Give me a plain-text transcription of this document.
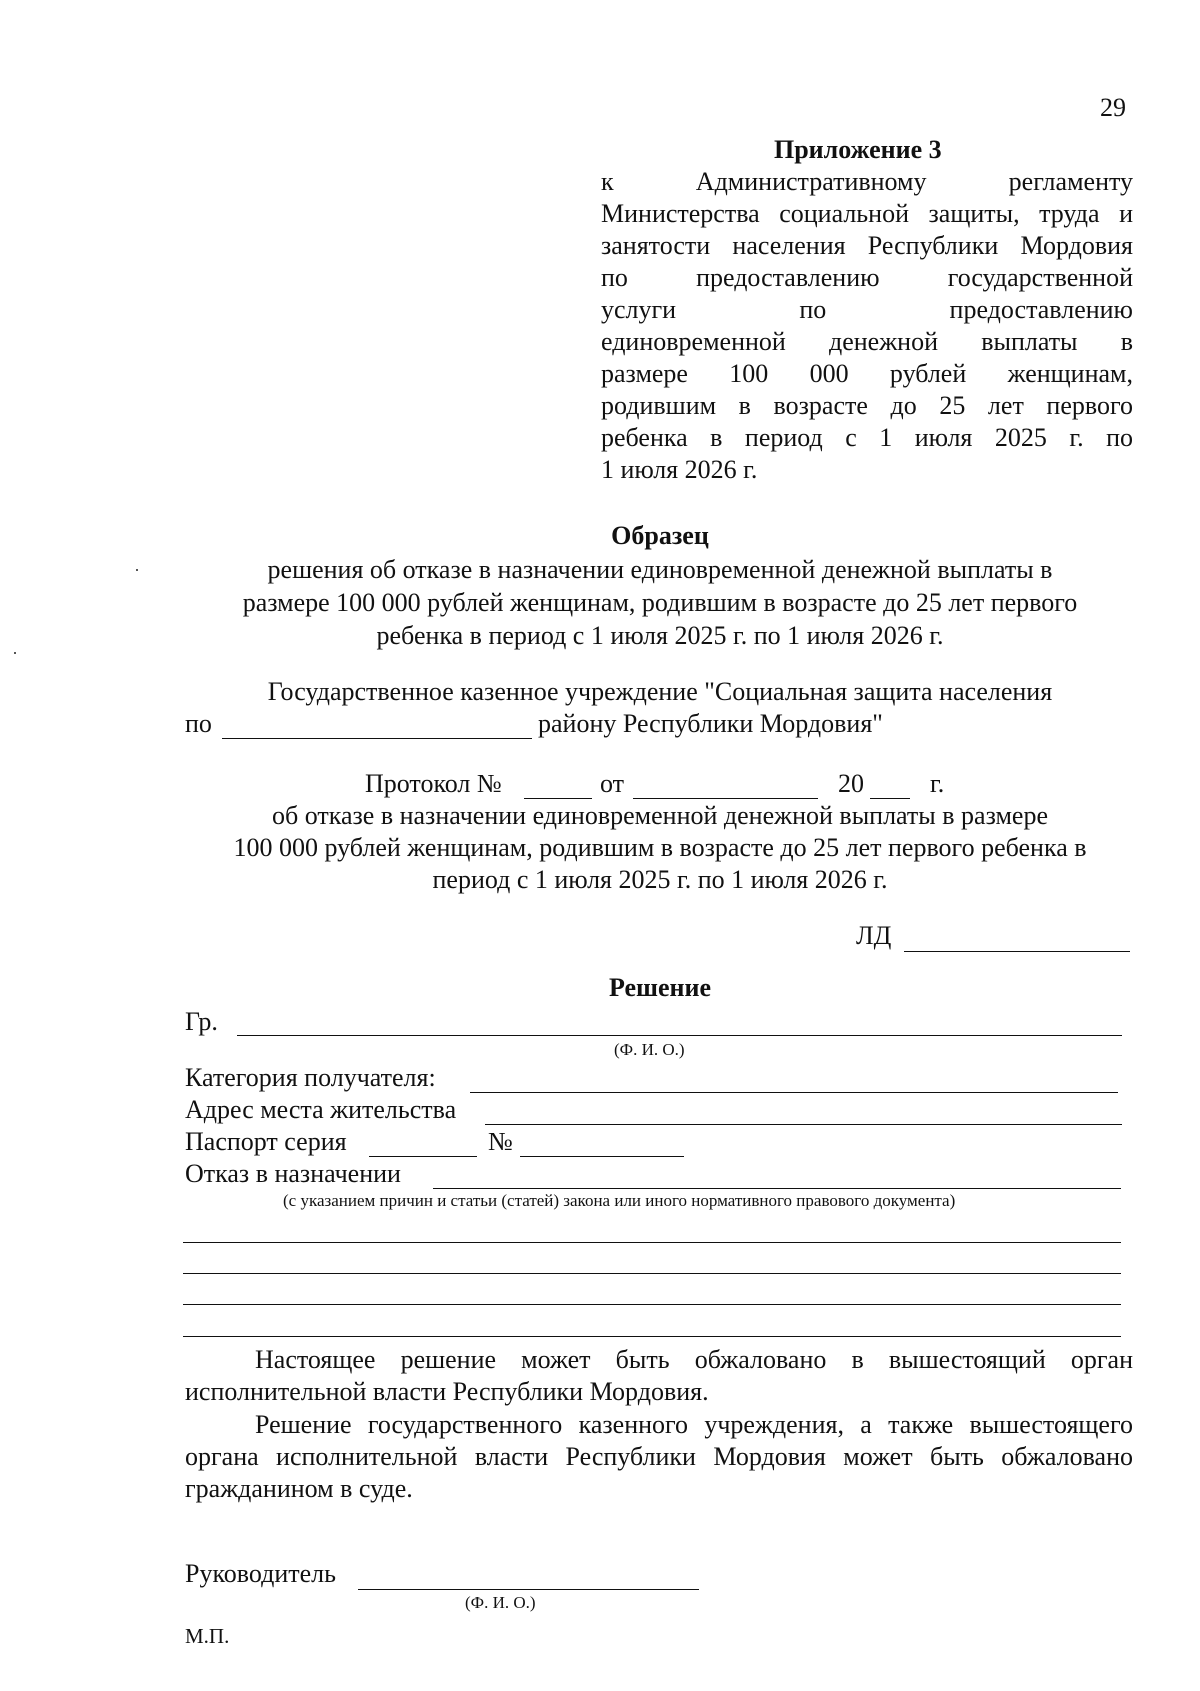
29
Приложение 3
к Административному регламенту
Министерства социальной защиты, труда и
занятости населения Республики Мордовия
по предоставлению государственной
услуги по предоставлению
единовременной денежной выплаты в
размере 100 000 рублей женщинам,
родившим в возрасте до 25 лет первого
ребенка в период с 1 июля 2025 г. по
1 июля 2026 г.
Образец
решения об отказе в назначении единовременной денежной выплаты в
размере 100 000 рублей женщинам, родившим в возрасте до 25 лет первого
ребенка в период с 1 июля 2025 г. по 1 июля 2026 г.
Государственное казенное учреждение "Социальная защита населения
по	району Республики Мордовия"
Протокол №	от	20	г.
об отказе в назначении единовременной денежной выплаты в размере
100 000 рублей женщинам, родившим в возрасте до 25 лет первого ребенка в
период с 1 июля 2025 г. по 1 июля 2026 г.
ЛД
Решение
Гр.
(Ф. И. О.)
Категория получателя:
Адрес места жительства
Паспорт серия	№
Отказ в назначении
(с указанием причин и статьи (статей) закона или иного нормативного правового документа)
Настоящее решение может быть обжаловано в вышестоящий орган исполнительной власти Республики Мордовия.
Решение государственного казенного учреждения, а также вышестоящего органа исполнительной власти Республики Мордовия может быть обжаловано гражданином в суде.
Руководитель
(Ф. И. О.)
М.П.
